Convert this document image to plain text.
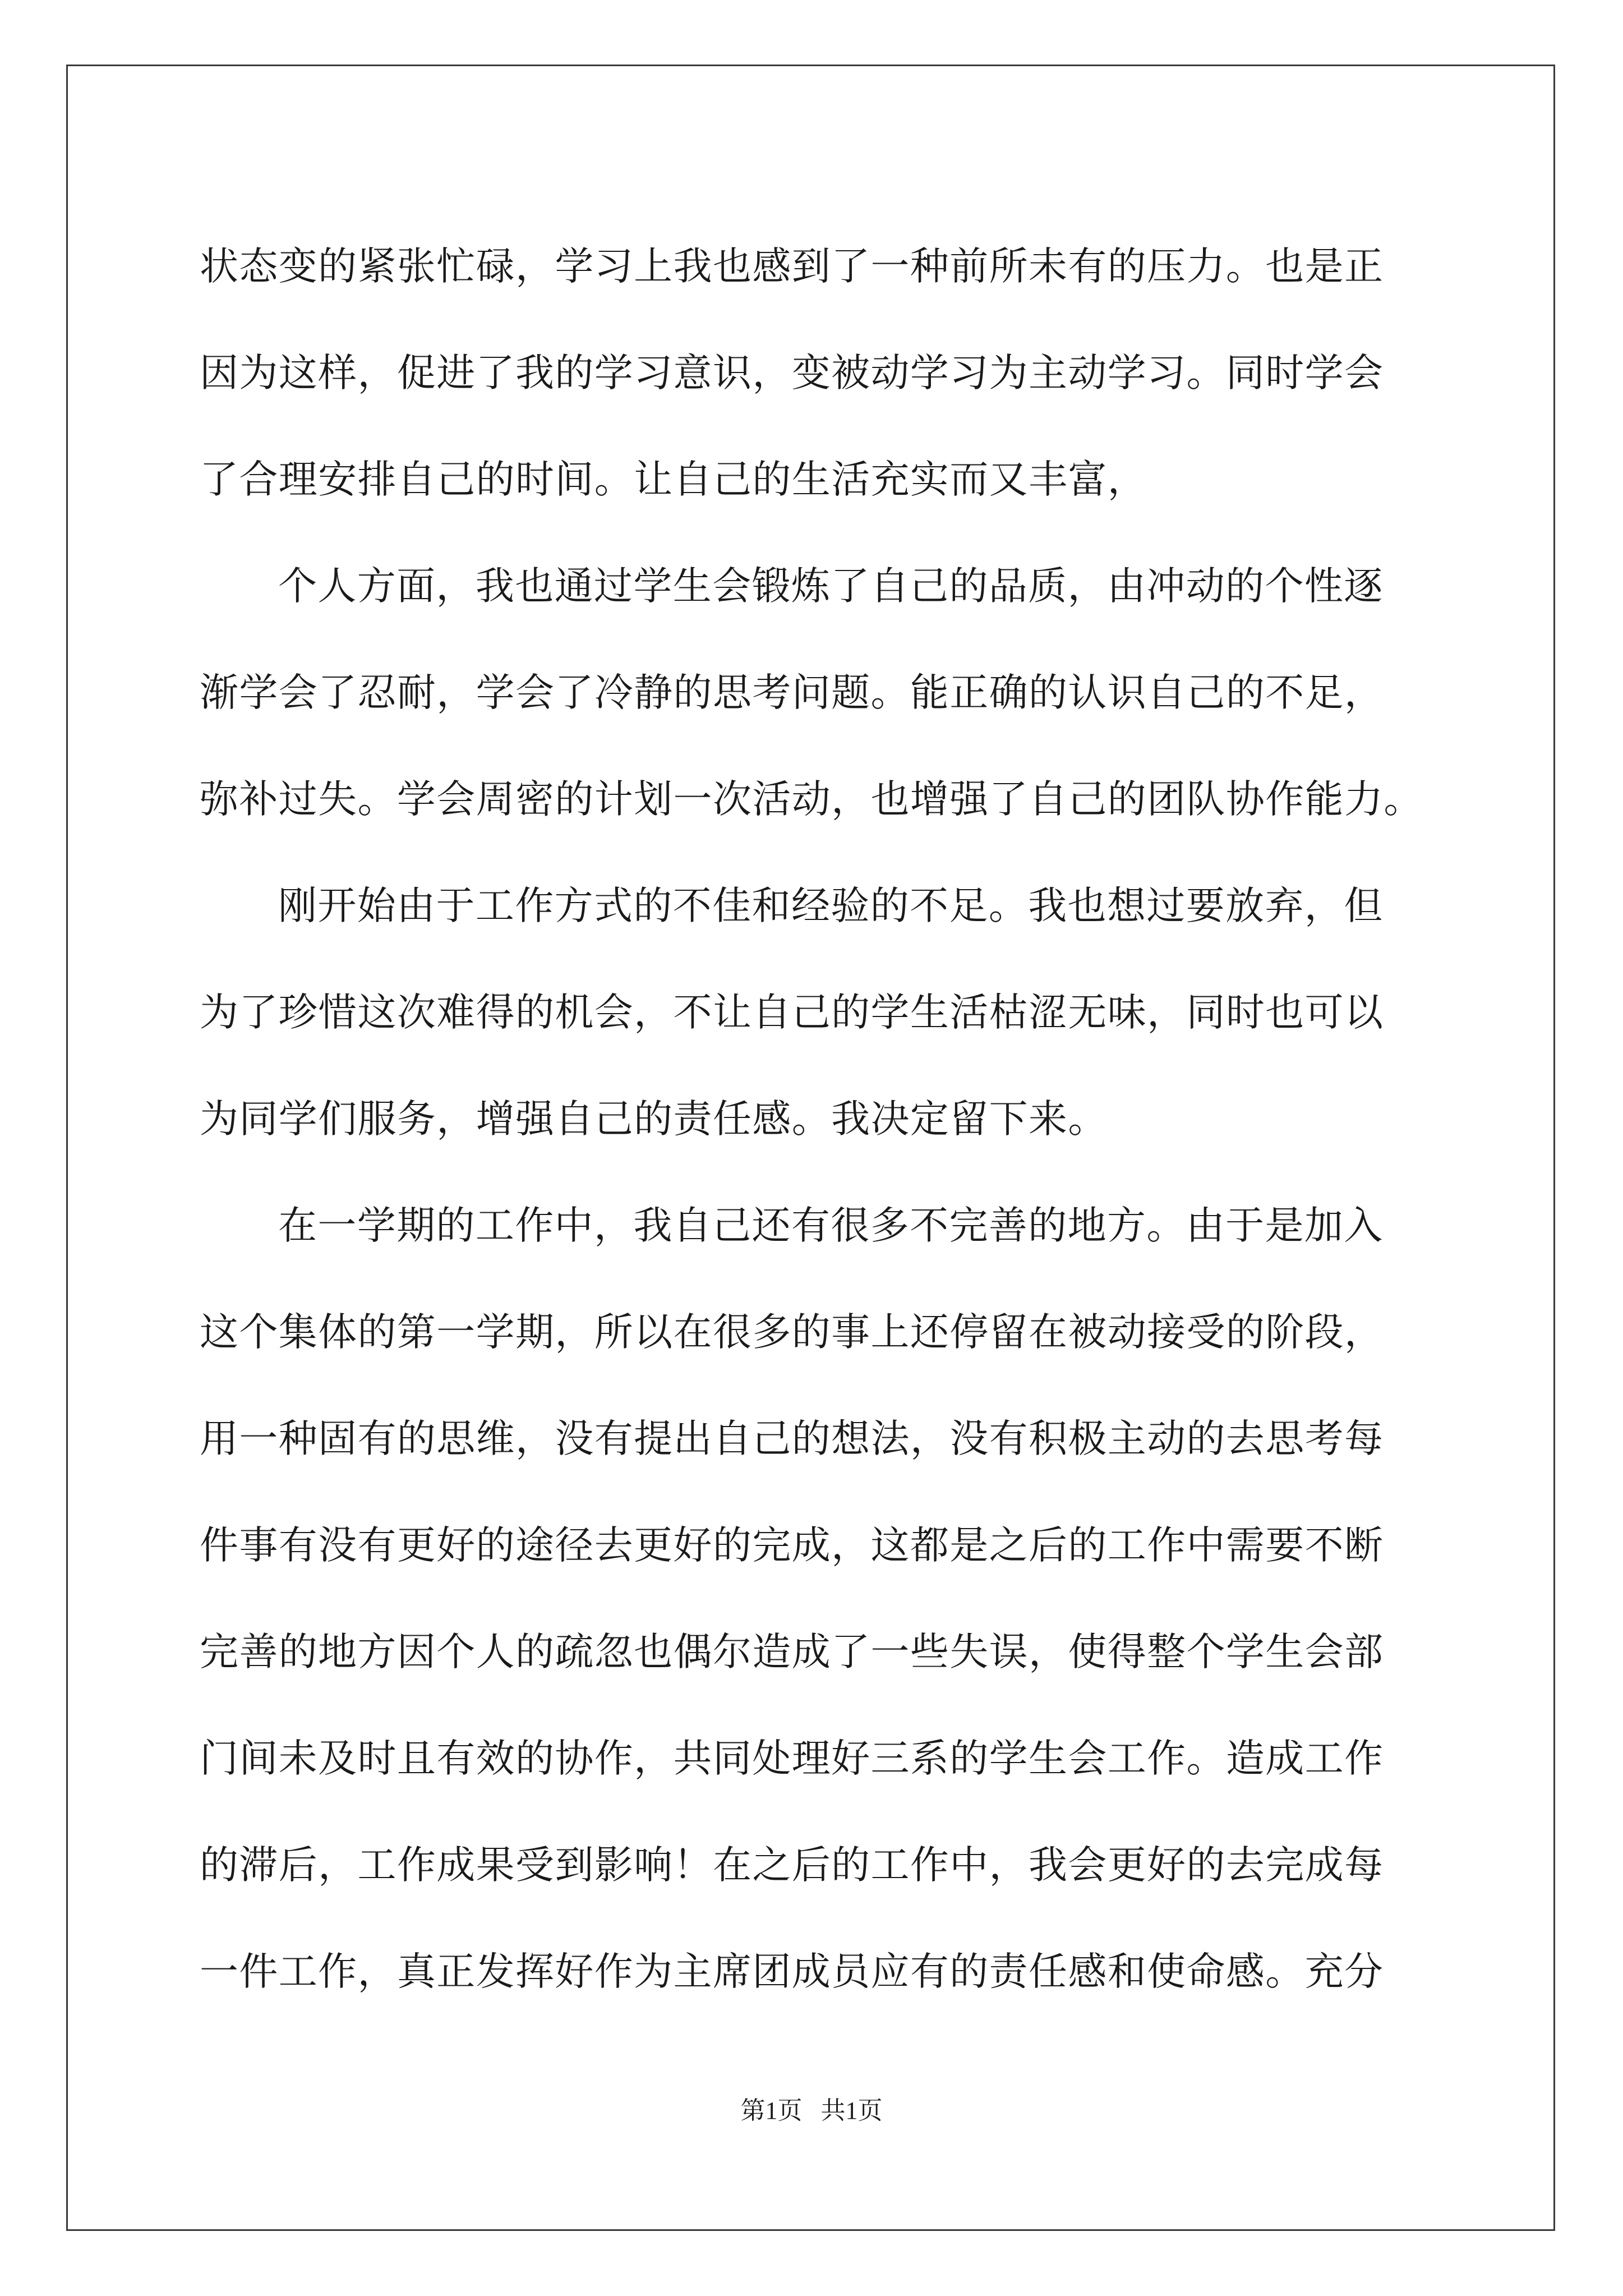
状态变的紧张忙碌，学习上我也感到了一种前所未有的压力。也是正

因为这样，促进了我的学习意识，变被动学习为主动学习。同时学会

了合理安排自己的时间。让自己的生活充实而又丰富，

个人方面，我也通过学生会锻炼了自己的品质，由冲动的个性逐

渐学会了忍耐，学会了冷静的思考问题。能正确的认识自己的不足，

弥补过失。学会周密的计划一次活动，也增强了自己的团队协作能力。

刚开始由于工作方式的不佳和经验的不足。我也想过要放弃，但

为了珍惜这次难得的机会，不让自己的学生活枯涩无味，同时也可以

为同学们服务，增强自己的责任感。我决定留下来。

在一学期的工作中，我自己还有很多不完善的地方。由于是加入

这个集体的第一学期，所以在很多的事上还停留在被动接受的阶段，

用一种固有的思维，没有提出自己的想法，没有积极主动的去思考每

件事有没有更好的途径去更好的完成，这都是之后的工作中需要不断

完善的地方因个人的疏忽也偶尔造成了一些失误，使得整个学生会部

门间未及时且有效的协作，共同处理好三系的学生会工作。造成工作

的滞后，工作成果受到影响！在之后的工作中，我会更好的去完成每

一件工作，真正发挥好作为主席团成员应有的责任感和使命感。充分

第1页 共1页
